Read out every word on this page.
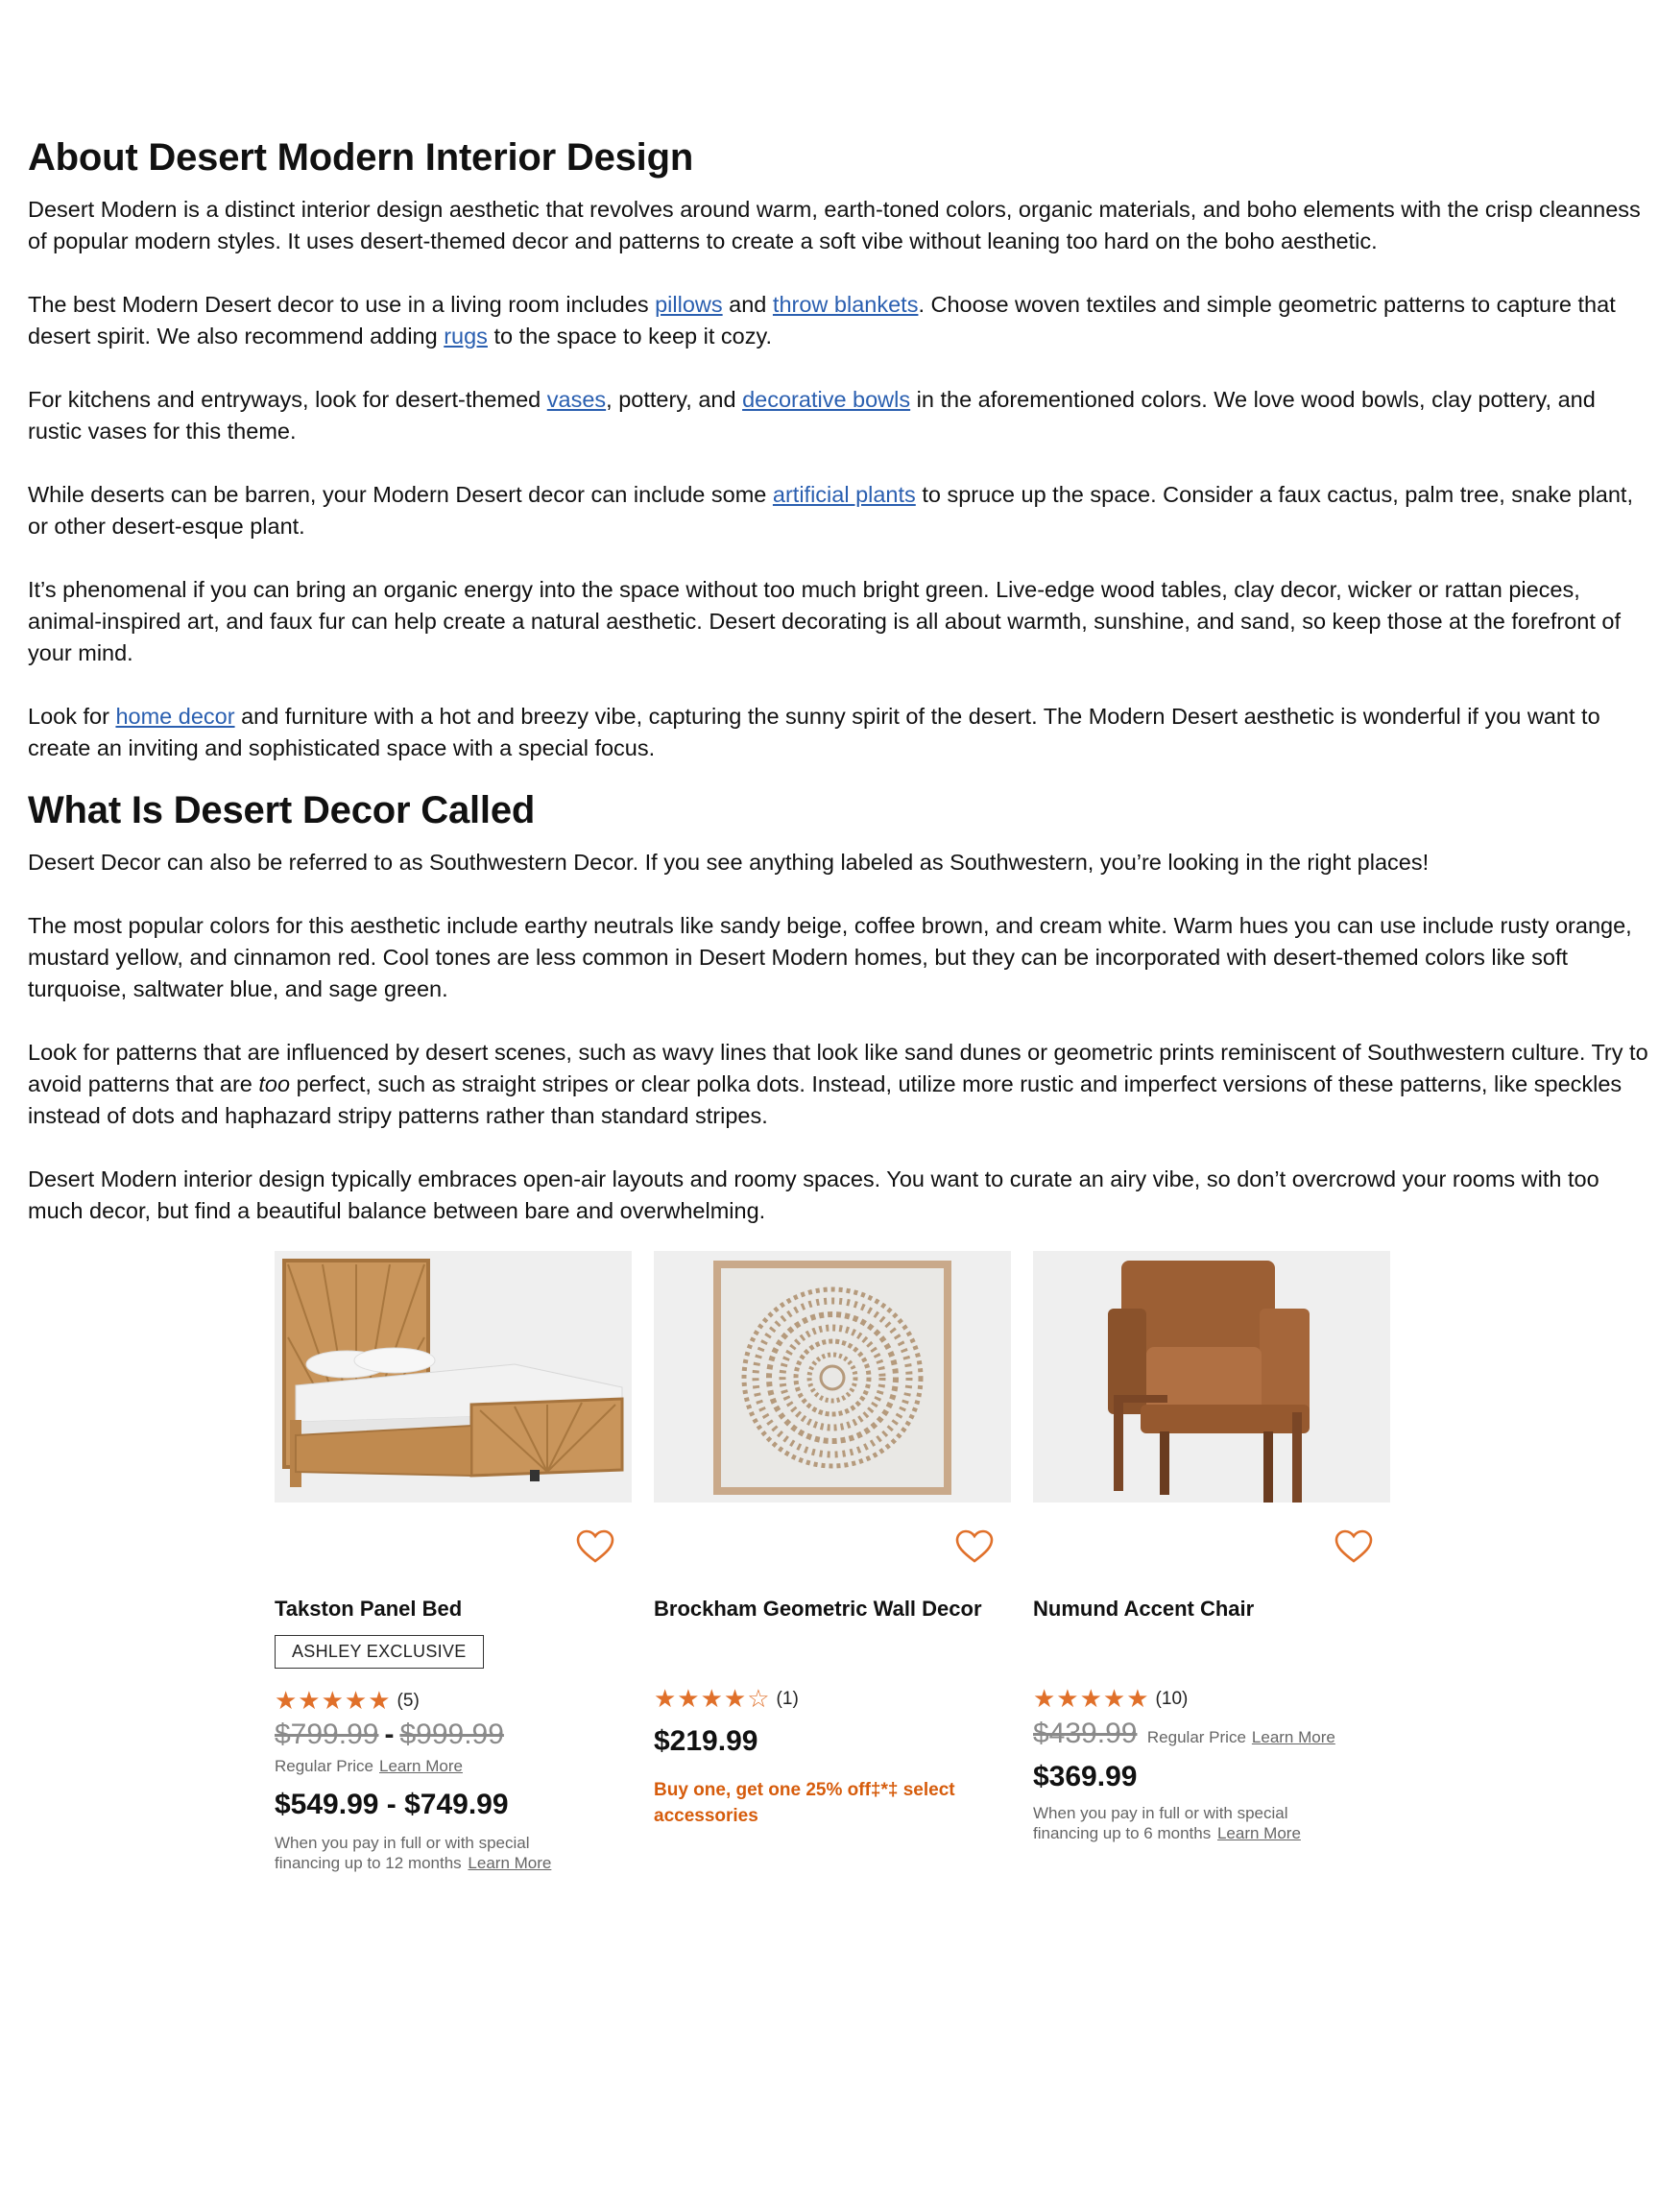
About Desert Modern Interior Design

Desert Modern is a distinct interior design aesthetic that revolves around warm, earth-toned colors, organic materials, and boho elements with the crisp cleanness of popular modern styles. It uses desert-themed decor and patterns to create a soft vibe without leaning too hard on the boho aesthetic.

The best Modern Desert decor to use in a living room includes pillows and throw blankets. Choose woven textiles and simple geometric patterns to capture that desert spirit. We also recommend adding rugs to the space to keep it cozy.

For kitchens and entryways, look for desert-themed vases, pottery, and decorative bowls in the aforementioned colors. We love wood bowls, clay pottery, and rustic vases for this theme.

While deserts can be barren, your Modern Desert decor can include some artificial plants to spruce up the space. Consider a faux cactus, palm tree, snake plant, or other desert-esque plant.

It’s phenomenal if you can bring an organic energy into the space without too much bright green. Live-edge wood tables, clay decor, wicker or rattan pieces, animal-inspired art, and faux fur can help create a natural aesthetic. Desert decorating is all about warmth, sunshine, and sand, so keep those at the forefront of your mind.

Look for home decor and furniture with a hot and breezy vibe, capturing the sunny spirit of the desert. The Modern Desert aesthetic is wonderful if you want to create an inviting and sophisticated space with a special focus.

What Is Desert Decor Called

Desert Decor can also be referred to as Southwestern Decor. If you see anything labeled as Southwestern, you’re looking in the right places!

The most popular colors for this aesthetic include earthy neutrals like sandy beige, coffee brown, and cream white. Warm hues you can use include rusty orange, mustard yellow, and cinnamon red. Cool tones are less common in Desert Modern homes, but they can be incorporated with desert-themed colors like soft turquoise, saltwater blue, and sage green.

Look for patterns that are influenced by desert scenes, such as wavy lines that look like sand dunes or geometric prints reminiscent of Southwestern culture. Try to avoid patterns that are too perfect, such as straight stripes or clear polka dots. Instead, utilize more rustic and imperfect versions of these patterns, like speckles instead of dots and haphazard stripy patterns rather than standard stripes.

Desert Modern interior design typically embraces open-air layouts and roomy spaces. You want to curate an airy vibe, so don’t overcrowd your rooms with too much decor, but find a beautiful balance between bare and overwhelming.

Takston Panel Bed
ASHLEY EXCLUSIVE
★★★★★ (5)
$799.99 - $999.99
Regular Price Learn More
$549.99 - $749.99
When you pay in full or with special financing up to 12 months Learn More
Brockham Geometric Wall Decor
★★★★☆ (1)
$219.99
Buy one, get one 25% off‡*‡ select accessories
Numund Accent Chair
★★★★★ (10)
$439.99 Regular Price Learn More
$369.99
When you pay in full or with special financing up to 6 months Learn More
